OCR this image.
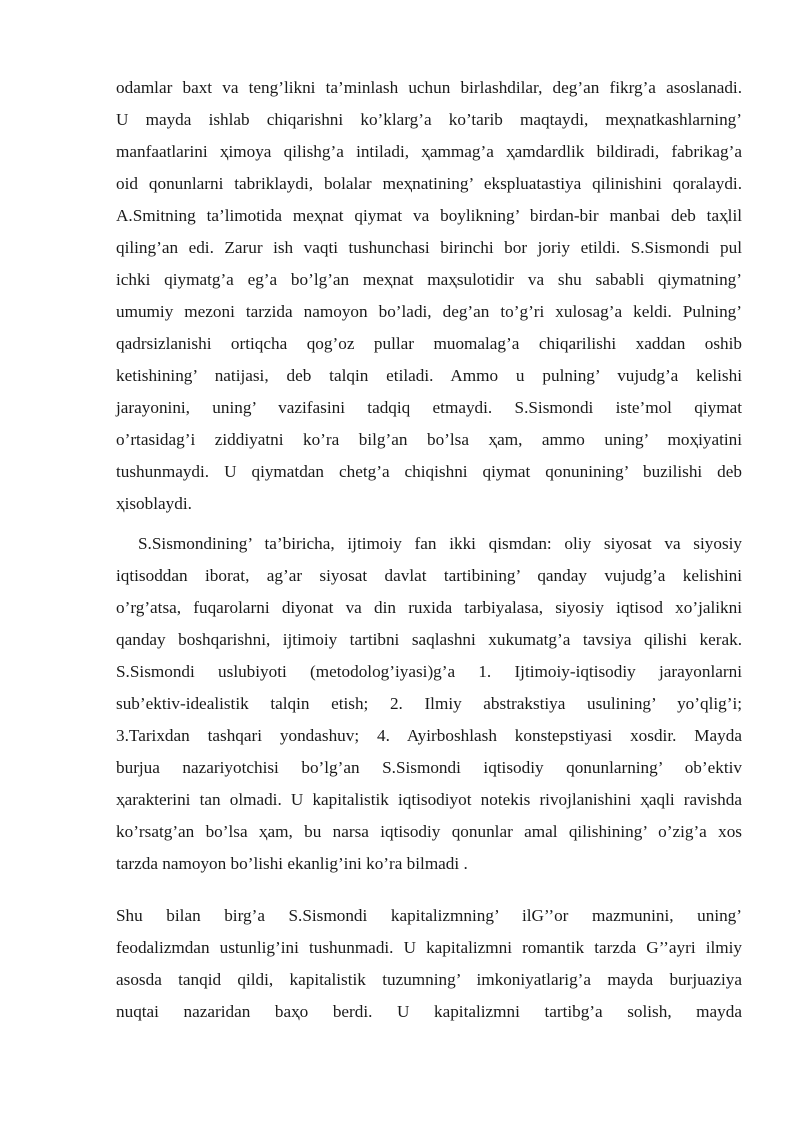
odamlar baxt va teng’likni ta’minlash uchun birlashdilar, deg’an fikrg’a asoslanadi.
U mayda ishlab chiqarishni ko’klarg’a ko’tarib maqtaydi, meҳnatkashlarning’
manfaatlarini ҳimoya qilishg’a intiladi, ҳammag’a ҳamdardlik bildiradi, fabrikag’a
oid qonunlarni tabriklaydi, bolalar meҳnatining’ ekspluatastiya qilinishini qoralaydi.
A.Smitning ta’limotida meҳnat qiymat va boylikning’ birdan-bir manbai deb taҳlil
qiling’an edi. Zarur ish vaqti tushunchasi birinchi bor joriy etildi. S.Sismondi pul
ichki qiymatg’a eg’a bo’lg’an meҳnat maҳsulotidir va shu sababli qiymatning’
umumiy mezoni tarzida namoyon bo’ladi, deg’an to’g’ri xulosag’a keldi. Pulning’
qadrsizlanishi ortiqcha qog’oz pullar muomalag’a chiqarilishi xaddan oshib
ketishining’ natijasi, deb talqin etiladi. Ammo u pulning’ vujudg’a kelishi
jarayonini, uning’ vazifasini tadqiq etmaydi. S.Sismondi iste’mol qiymat
o’rtasidag’i ziddiyatni ko’ra bilg’an bo’lsa ҳam, ammo uning’ moҳiyatini
tushunmaydi. U qiymatdan chetg’a chiqishni qiymat qonunining’ buzilishi deb
ҳisoblaydi.
S.Sismondining’ ta’biricha, ijtimoiy fan ikki qismdan: oliy siyosat va siyosiy
iqtisoddan iborat, ag’ar siyosat davlat tartibining’ qanday vujudg’a kelishini
o’rg’atsa, fuqarolarni diyonat va din ruxida tarbiyalasa, siyosiy iqtisod xo’jalikni
qanday boshqarishni, ijtimoiy tartibni saqlashni xukumatg’a tavsiya qilishi kerak.
S.Sismondi uslubiyoti (metodolog’iyasi)g’a 1. Ijtimoiy-iqtisodiy jarayonlarni
sub’ektiv-idealistik talqin etish; 2. Ilmiy abstrakstiya usulining’ yo’qlig’i;
3.Tarixdan tashqari yondashuv; 4. Ayirboshlash konstepstiyasi xosdir. Mayda
burjua nazariyotchisi bo’lg’an S.Sismondi iqtisodiy qonunlarning’ ob’ektiv
ҳarakterini tan olmadi. U kapitalistik iqtisodiyot notekis rivojlanishini ҳaqli ravishda
ko’rsatg’an bo’lsa ҳam, bu narsa iqtisodiy qonunlar amal qilishining’ o’zig’a xos
tarzda namoyon bo’lishi ekanlig’ini ko’ra bilmadi .
Shu bilan birg’a S.Sismondi kapitalizmning’ ilG’’or mazmunini, uning’
feodalizmdan ustunlig’ini tushunmadi. U kapitalizmni romantik tarzda G’’ayri ilmiy
asosda tanqid qildi, kapitalistik tuzumning’ imkoniyatlarig’a mayda burjuaziya
nuqtai nazaridan baҳo berdi. U kapitalizmni tartibg’a solish, mayda
